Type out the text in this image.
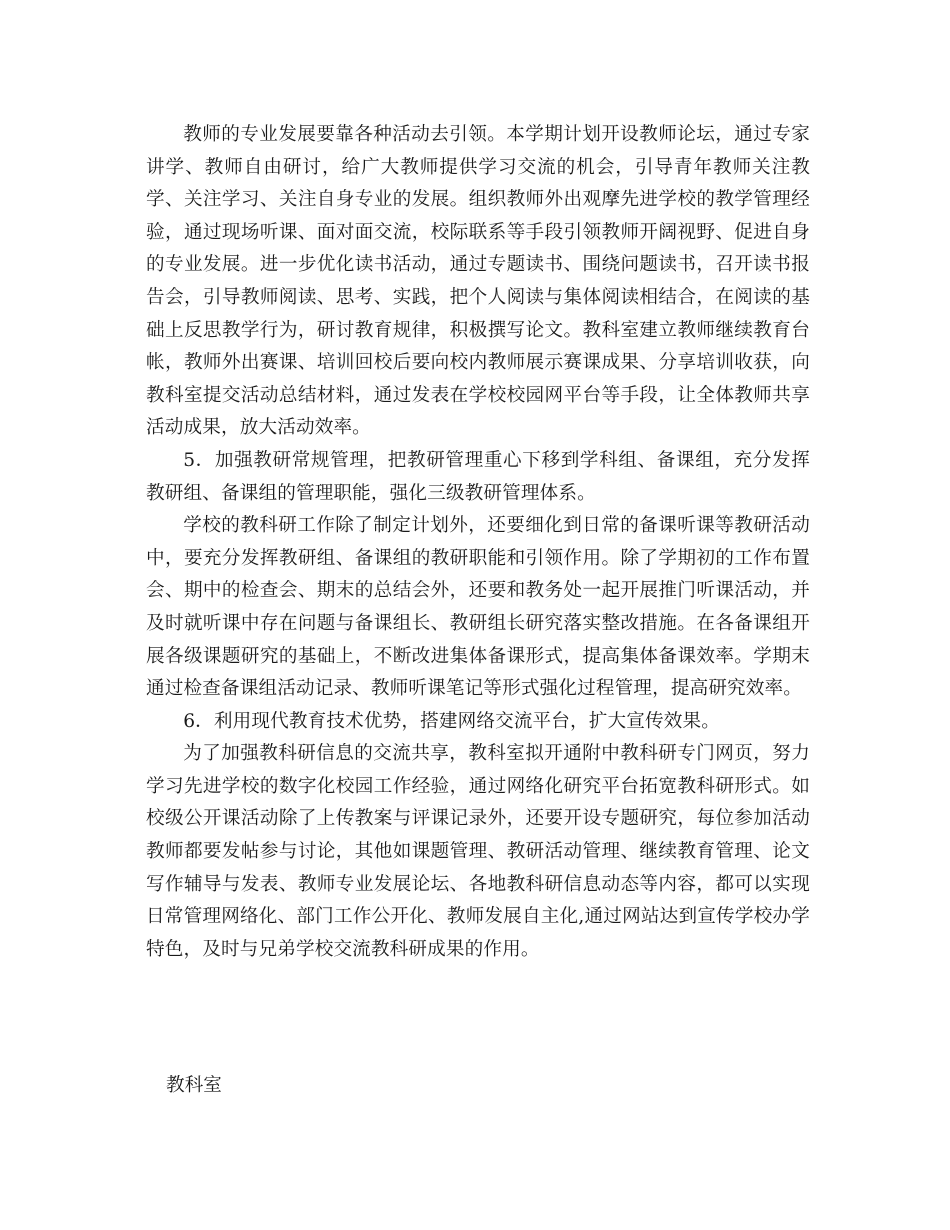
教师的专业发展要靠各种活动去引领。本学期计划开设教师论坛，通过专家讲学、教师自由研讨，给广大教师提供学习交流的机会，引导青年教师关注教学、关注学习、关注自身专业的发展。组织教师外出观摩先进学校的教学管理经验，通过现场听课、面对面交流，校际联系等手段引领教师开阔视野、促进自身的专业发展。进一步优化读书活动，通过专题读书、围绕问题读书，召开读书报告会，引导教师阅读、思考、实践，把个人阅读与集体阅读相结合，在阅读的基础上反思教学行为，研讨教育规律，积极撰写论文。教科室建立教师继续教育台帐，教师外出赛课、培训回校后要向校内教师展示赛课成果、分享培训收获，向教科室提交活动总结材料，通过发表在学校校园网平台等手段，让全体教师共享活动成果，放大活动效率。

5．加强教研常规管理，把教研管理重心下移到学科组、备课组，充分发挥教研组、备课组的管理职能，强化三级教研管理体系。

学校的教科研工作除了制定计划外，还要细化到日常的备课听课等教研活动中，要充分发挥教研组、备课组的教研职能和引领作用。除了学期初的工作布置会、期中的检查会、期末的总结会外，还要和教务处一起开展推门听课活动，并及时就听课中存在问题与备课组长、教研组长研究落实整改措施。在各备课组开展各级课题研究的基础上，不断改进集体备课形式，提高集体备课效率。学期末通过检查备课组活动记录、教师听课笔记等形式强化过程管理，提高研究效率。

6．利用现代教育技术优势，搭建网络交流平台，扩大宣传效果。

为了加强教科研信息的交流共享，教科室拟开通附中教科研专门网页，努力学习先进学校的数字化校园工作经验，通过网络化研究平台拓宽教科研形式。如校级公开课活动除了上传教案与评课记录外，还要开设专题研究，每位参加活动教师都要发帖参与讨论，其他如课题管理、教研活动管理、继续教育管理、论文写作辅导与发表、教师专业发展论坛、各地教科研信息动态等内容，都可以实现日常管理网络化、部门工作公开化、教师发展自主化,通过网站达到宣传学校办学特色，及时与兄弟学校交流教科研成果的作用。

教科室
